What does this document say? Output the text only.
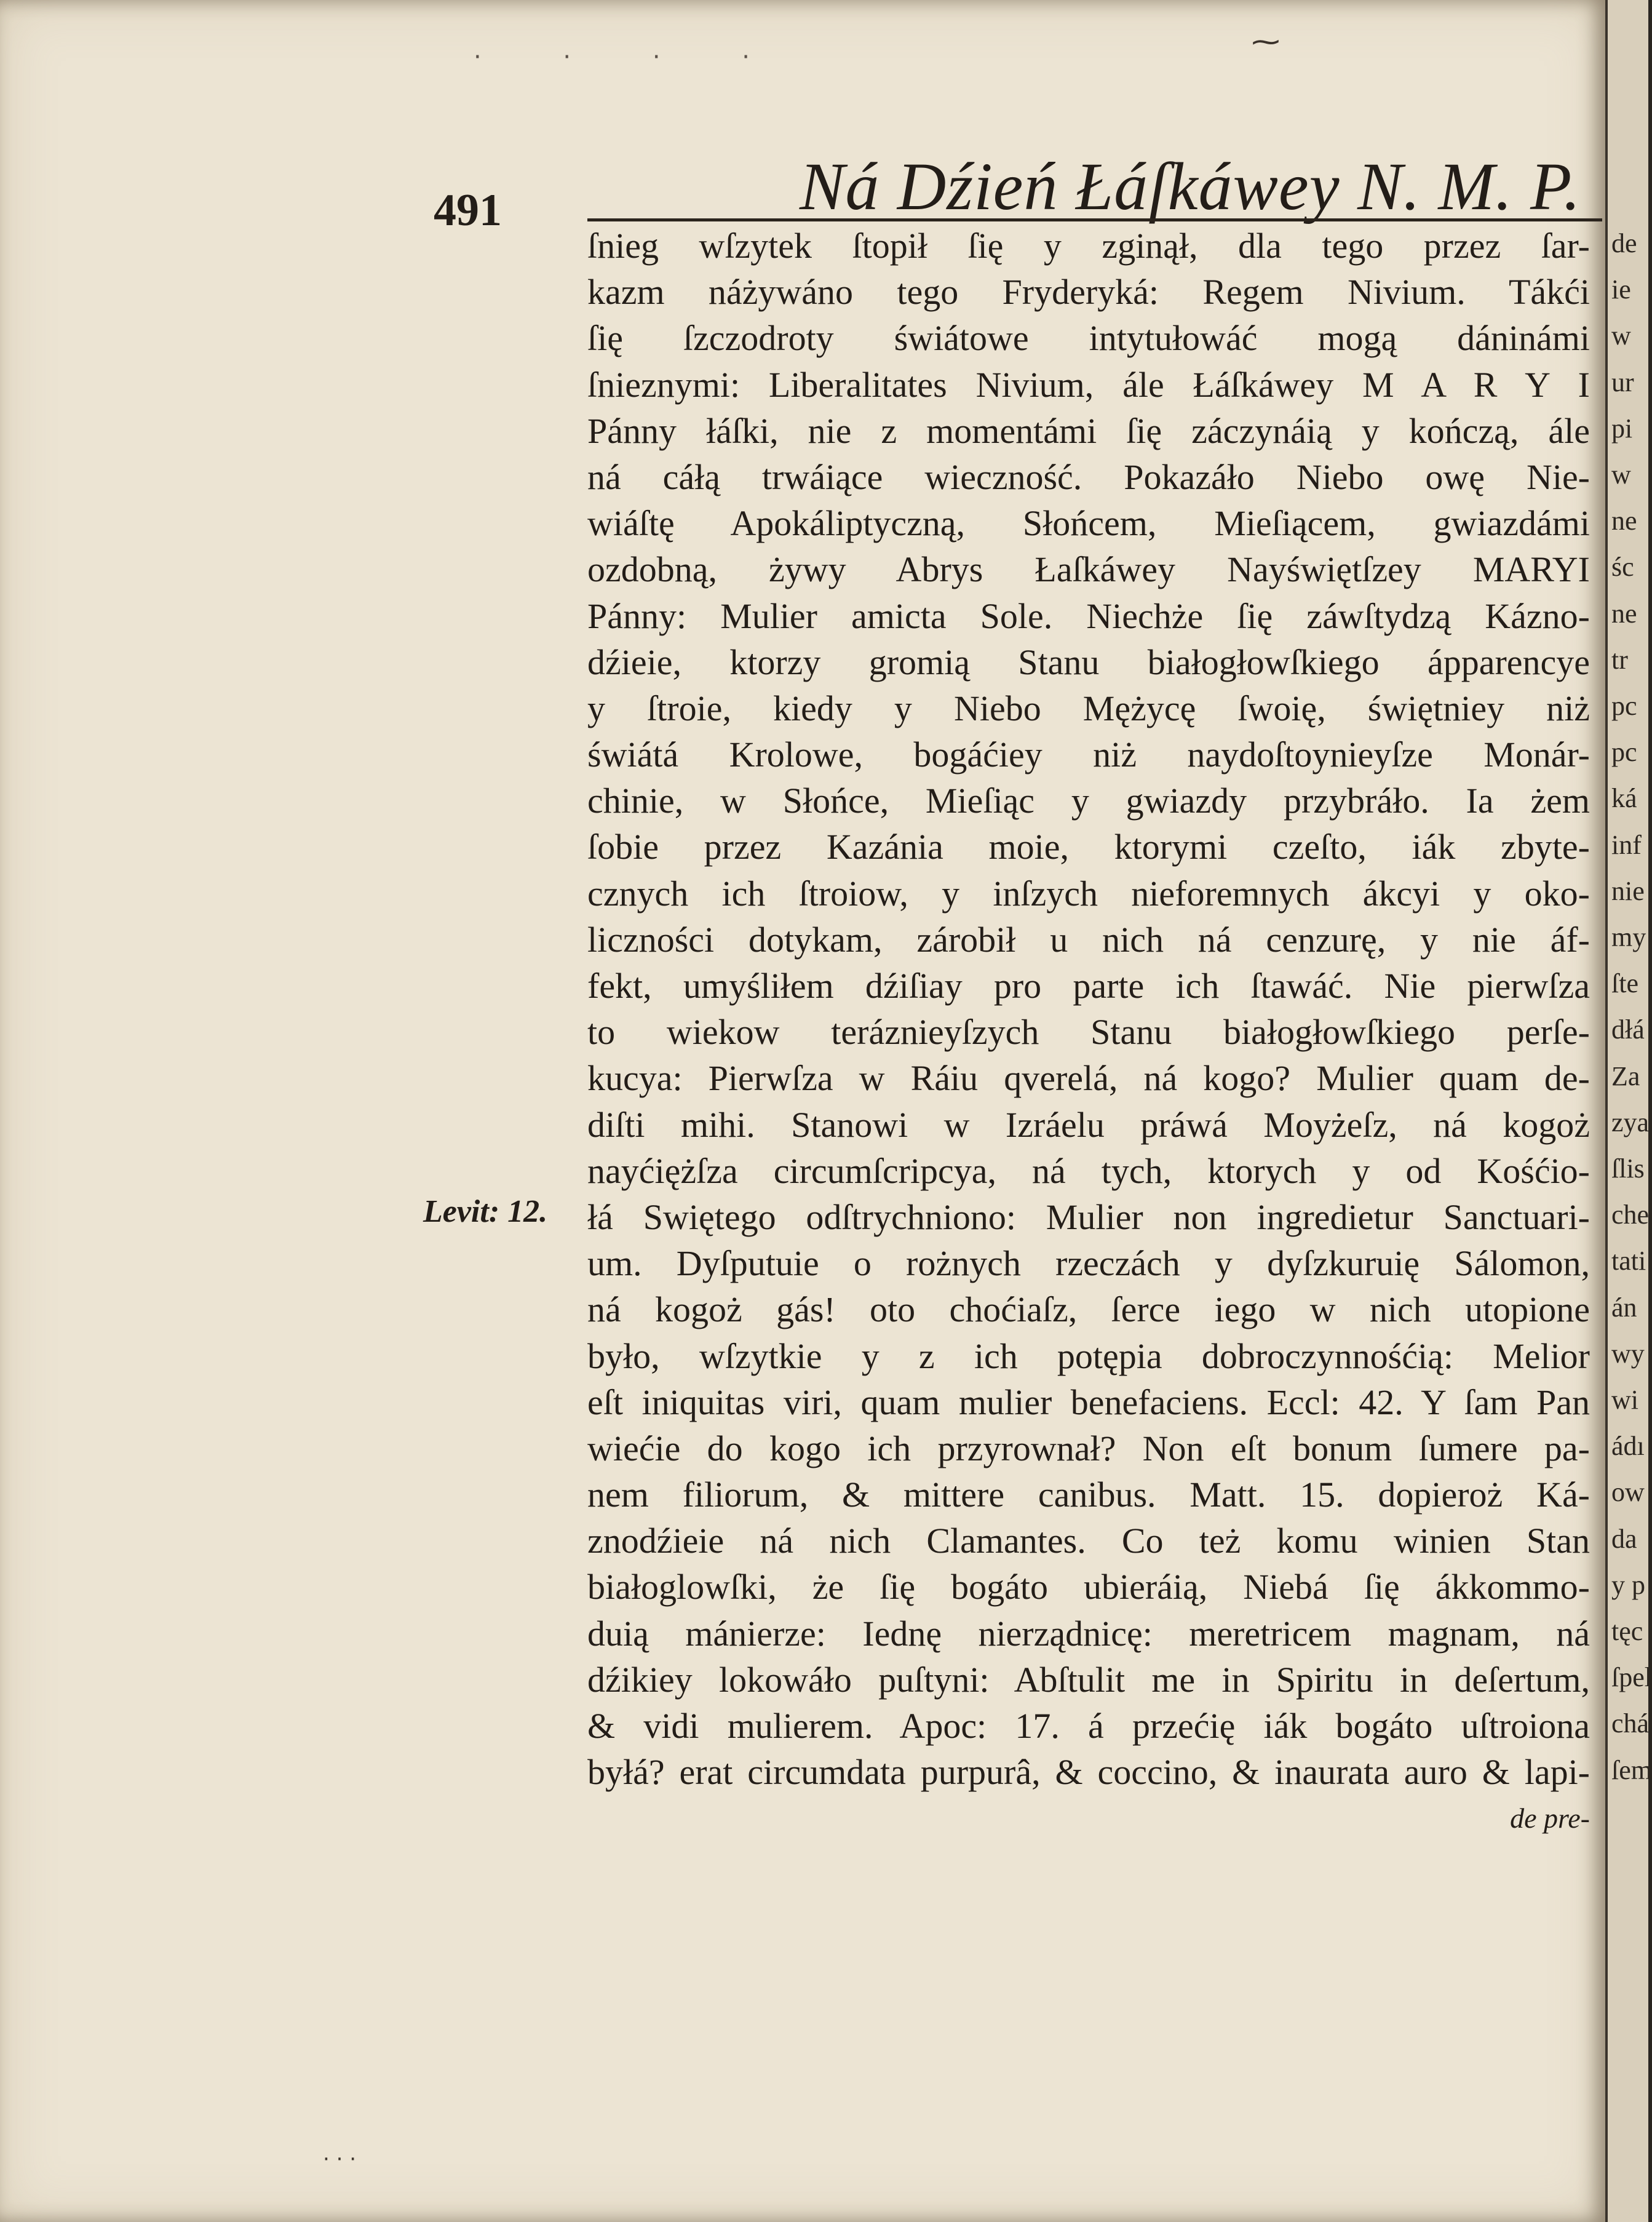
· · · ·	⁓
491	Ná Dźień Łáſkáwey N. M. P.
Levit: 12.
ſnieg wſzytek ſtopił ſię y zginął, dla tego przez ſar-
kazm náżywáno tego Fryderyká: Regem Nivium. Tákći
ſię ſzczodroty świátowe intytułowáć mogą dáninámi
ſnieznymi: Liberalitates Nivium, ále Łáſkáwey M A R Y I
Pánny łáſki, nie z momentámi ſię záczynáią y kończą, ále
ná cáłą trwáiące wieczność. Pokazáło Niebo owę Nie-
wiáſtę Apokáliptyczną, Słońcem, Mieſiącem, gwiazdámi
ozdobną, żywy Abrys Łaſkáwey Nayświętſzey MARYI
Pánny: Mulier amicta Sole. Niechże ſię záwſtydzą Kázno-
dźieie, ktorzy gromią Stanu białogłowſkiego ápparencye
y ſtroie, kiedy y Niebo Mężycę ſwoię, świętniey niż
świátá Krolowe, bogáćiey niż naydoſtoynieyſze Monár-
chinie, w Słońce, Mieſiąc y gwiazdy przybráło. Ia żem
ſobie przez Kazánia moie, ktorymi czeſto, iák zbyte-
cznych ich ſtroiow, y inſzych nieforemnych ákcyi y oko-
liczności dotykam, zárobił u nich ná cenzurę, y nie áf-
fekt, umyśliłem dźiſiay pro parte ich ſtawáć. Nie pierwſza
to wiekow teráznieyſzych Stanu białogłowſkiego perſe-
kucya: Pierwſza w Ráiu qverelá, ná kogo? Mulier quam de-
diſti mihi. Stanowi w Izráelu práwá Moyżeſz, ná kogoż
nayćiężſza circumſcripcya, ná tych, ktorych y od Kośćio-
łá Swiętego odſtrychniono: Mulier non ingredietur Sanctuari-
um. Dyſputuie o rożnych rzeczách y dyſzkuruię Sálomon,
ná kogoż gás! oto choćiaſz, ſerce iego w nich utopione
było, wſzytkie y z ich potępia dobroczynnośćią: Melior
eſt iniquitas viri, quam mulier benefaciens. Eccl: 42. Y ſam Pan
wiećie do kogo ich przyrownał? Non eſt bonum ſumere pa-
nem filiorum, & mittere canibus. Matt. 15. dopieroż Ká-
znodźieie ná nich Clamantes. Co też komu winien Stan
białoglowſki, że ſię bogáto ubieráią, Niebá ſię ákkommo-
duią mánierze: Iednę nierządnicę: meretricem magnam, ná
dźikiey lokowáło puſtyni: Abſtulit me in Spiritu in deſertum,
& vidi mulierem. Apoc: 17. á przećię iák bogáto uſtroiona
byłá? erat circumdata purpurâ, & coccino, & inaurata auro & lapi-
de pre-
· · ·
de
ie
w
ur
pi
w
ne
śc
ne
tr
pc
pc
ká
inf
nie
my
ſte
dłá
Za
zya
ſlis
che
tati
án
wy
wi
ádı
ow
da
y p
tęc
ſpel
chá
ſem
